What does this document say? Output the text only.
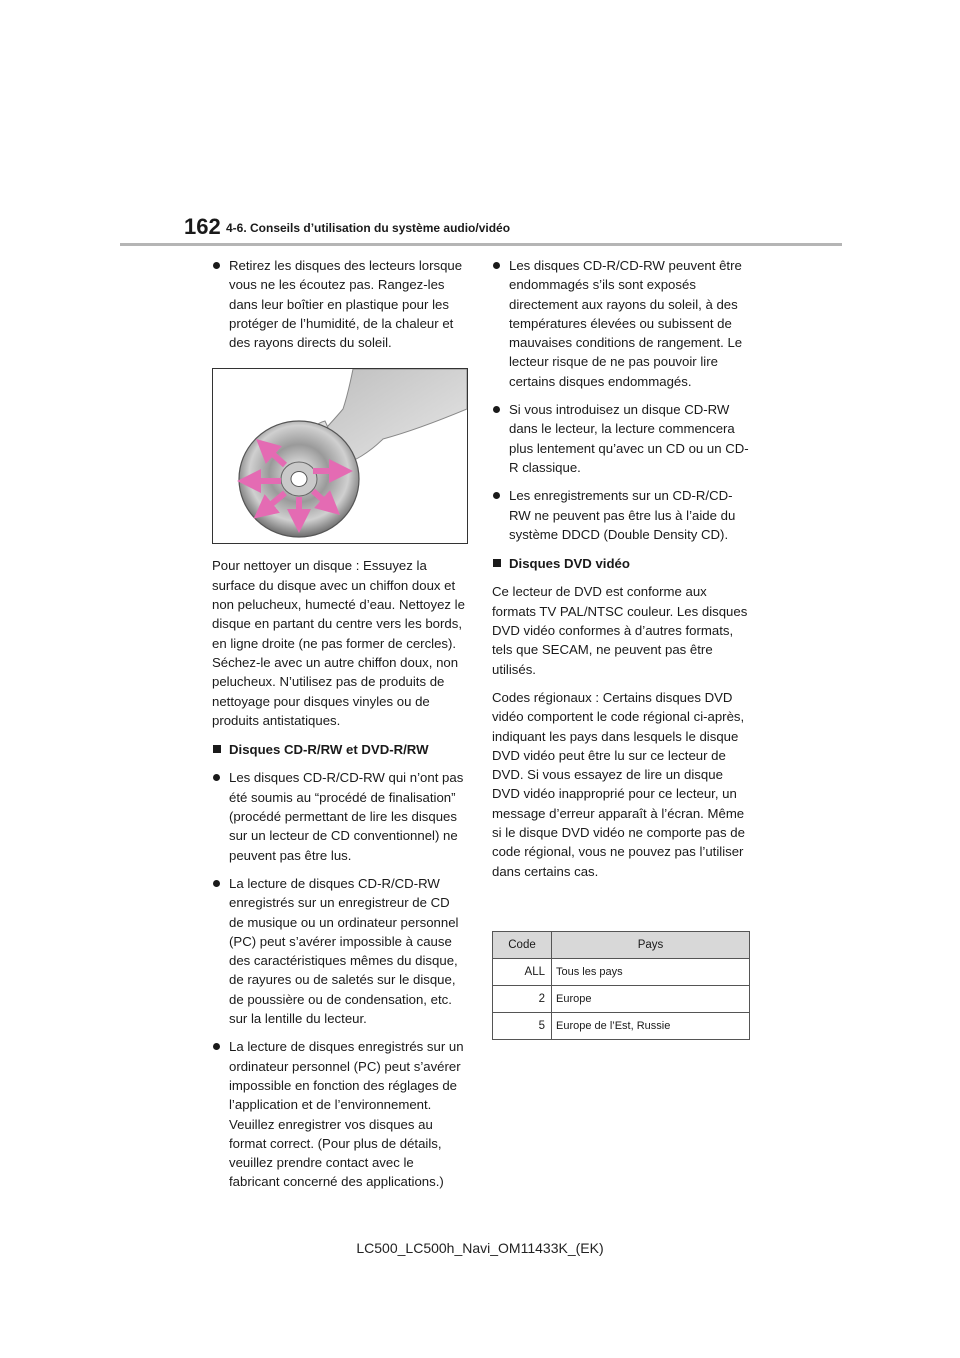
162 4-6. Conseils d’utilisation du système audio/vidéo
Retirez les disques des lecteurs lorsque vous ne les écoutez pas. Rangez-les dans leur boîtier en plastique pour les protéger de l’humidité, de la chaleur et des rayons directs du soleil.

Pour nettoyer un disque : Essuyez la surface du disque avec un chiffon doux et non pelucheux, humecté d’eau. Nettoyez le disque en partant du centre vers les bords, en ligne droite (ne pas former de cercles). Séchez-le avec un autre chiffon doux, non pelucheux. N’utilisez pas de produits de nettoyage pour disques vinyles ou de produits antistatiques.

Disques CD-R/RW et DVD-R/RW
Les disques CD-R/CD-RW qui n’ont pas été soumis au “procédé de finalisation” (procédé permettant de lire les disques sur un lecteur de CD conventionnel) ne peuvent pas être lus.
La lecture de disques CD-R/CD-RW enregistrés sur un enregistreur de CD de musique ou un ordinateur personnel (PC) peut s’avérer impossible à cause des caractéristiques mêmes du disque, de rayures ou de saletés sur le disque, de poussière ou de condensation, etc. sur la lentille du lecteur.
La lecture de disques enregistrés sur un ordinateur personnel (PC) peut s’avérer impossible en fonction des réglages de l’application et de l’environnement. Veuillez enregistrer vos disques au format correct. (Pour plus de détails, veuillez prendre contact avec le fabricant concerné des applications.)
Les disques CD-R/CD-RW peuvent être endommagés s’ils sont exposés directement aux rayons du soleil, à des températures élevées ou subissent de mauvaises conditions de rangement. Le lecteur risque de ne pas pouvoir lire certains disques endommagés.
Si vous introduisez un disque CD-RW dans le lecteur, la lecture commencera plus lentement qu’avec un CD ou un CD-R classique.
Les enregistrements sur un CD-R/CD-RW ne peuvent pas être lus à l’aide du système DDCD (Double Density CD).
Disques DVD vidéo

Ce lecteur de DVD est conforme aux formats TV PAL/NTSC couleur. Les disques DVD vidéo conformes à d’autres formats, tels que SECAM, ne peuvent pas être utilisés.

Codes régionaux : Certains disques DVD vidéo comportent le code régional ci-après, indiquant les pays dans lesquels le disque DVD vidéo peut être lu sur ce lecteur de DVD. Si vous essayez de lire un disque DVD vidéo inapproprié pour ce lecteur, un message d’erreur apparaît à l’écran. Même si le disque DVD vidéo ne comporte pas de code régional, vous ne pouvez pas l’utiliser dans certains cas.

Code	Pays
ALL	Tous les pays
2	Europe
5	Europe de l’Est, Russie
LC500_LC500h_Navi_OM11433K_(EK)
